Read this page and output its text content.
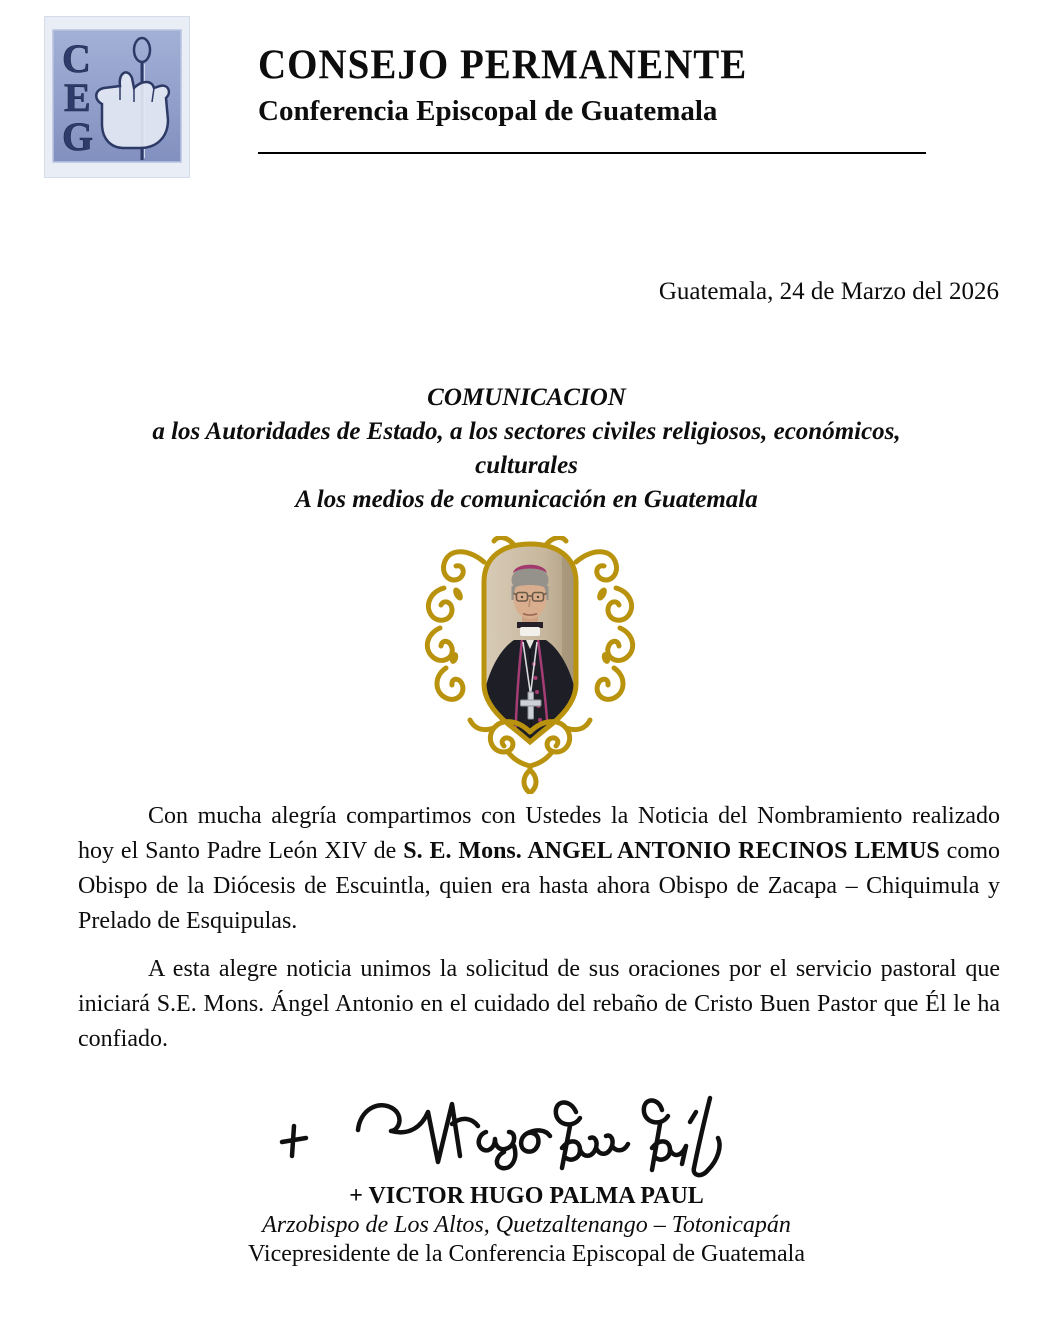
C
E
G
CONSEJO PERMANENTE
Conferencia Episcopal de Guatemala
Guatemala, 24 de Marzo del 2026
COMUNICACION
a los Autoridades de Estado, a los sectores civiles religiosos, económicos,
culturales
A los medios de comunicación en Guatemala

Con mucha alegría compartimos con Ustedes la Noticia del Nombramiento realizado hoy el Santo Padre León XIV de S. E. Mons. ANGEL ANTONIO RECINOS LEMUS como Obispo de la Diócesis de Escuintla, quien era hasta ahora Obispo de Zacapa – Chiquimula y Prelado de Esquipulas.

A esta alegre noticia unimos la solicitud de sus oraciones por el servicio pastoral que iniciará S.E. Mons. Ángel Antonio en el cuidado del rebaño de Cristo Buen Pastor que Él le ha confiado.

+ VICTOR HUGO PALMA PAUL
Arzobispo de Los Altos, Quetzaltenango – Totonicapán
Vicepresidente de la Conferencia Episcopal de Guatemala
